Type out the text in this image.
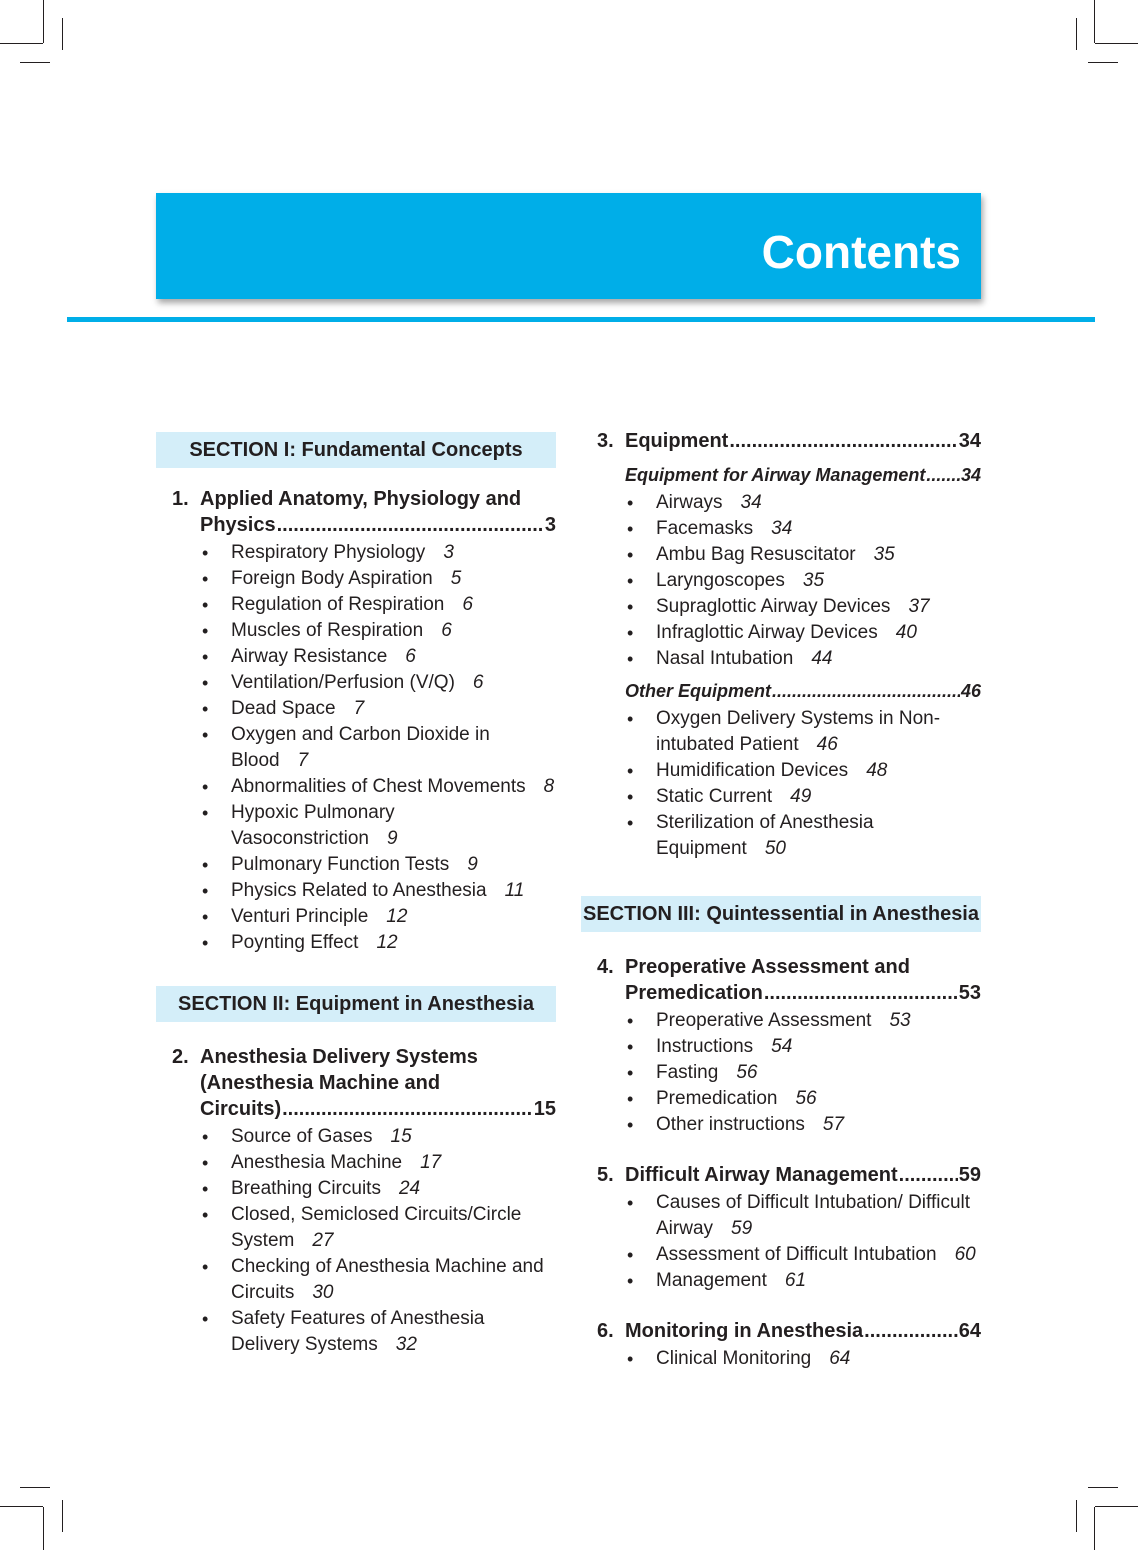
Contents
SECTION I: Fundamental Concepts
1. Applied Anatomy, Physiology and
Physics .....	3
• Respiratory Physiology 3
• Foreign Body Aspiration 5
• Regulation of Respiration 6
• Muscles of Respiration 6
• Airway Resistance 6
• Ventilation/Perfusion (V/Q) 6
• Dead Space 7
• Oxygen and Carbon Dioxide in Blood 7
• Abnormalities of Chest Movements 8
• Hypoxic Pulmonary Vasoconstriction 9
• Pulmonary Function Tests 9
• Physics Related to Anesthesia 11
• Venturi Principle 12
• Poynting Effect 12
SECTION II: Equipment in Anesthesia
2. Anesthesia Delivery Systems
(Anesthesia Machine and
Circuits) .....	15
• Source of Gases 15
• Anesthesia Machine 17
• Breathing Circuits 24
• Closed, Semiclosed Circuits/Circle System 27
• Checking of Anesthesia Machine and Circuits 30
• Safety Features of Anesthesia Delivery Systems 32
3. Equipment .....	34
Equipment for Airway Management ..... 34
• Airways 34
• Facemasks 34
• Ambu Bag Resuscitator 35
• Laryngoscopes 35
• Supraglottic Airway Devices 37
• Infraglottic Airway Devices 40
• Nasal Intubation 44
Other Equipment .....	46
• Oxygen Delivery Systems in Non-intubated Patient 46
• Humidification Devices 48
• Static Current 49
• Sterilization of Anesthesia Equipment 50
SECTION III: Quintessential in Anesthesia
4. Preoperative Assessment and
Premedication .....	53
• Preoperative Assessment 53
• Instructions 54
• Fasting 56
• Premedication 56
• Other instructions 57
5. Difficult Airway Management .....	59
• Causes of Difficult Intubation/ Difficult Airway 59
• Assessment of Difficult Intubation 60
• Management 61
6. Monitoring in Anesthesia .....	64
• Clinical Monitoring 64
